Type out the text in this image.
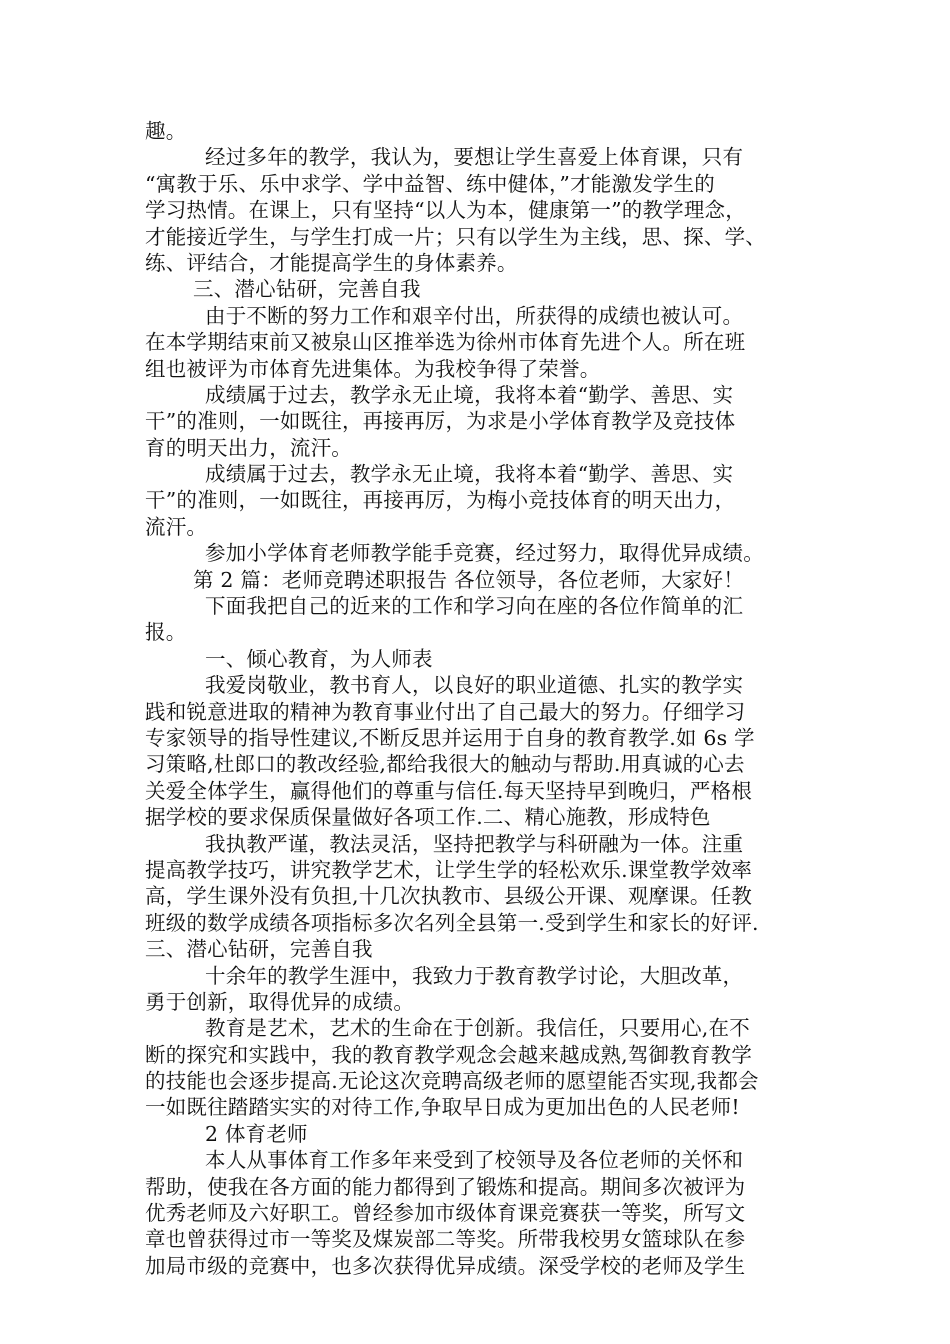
趣。
经过多年的教学，我认为，要想让学生喜爱上体育课，只有
“寓教于乐、乐中求学、学中益智、练中健体，”才能激发学生的
学习热情。在课上，只有坚持“以人为本，健康第一”的教学理念，
才能接近学生，与学生打成一片；只有以学生为主线，思、探、学、
练、评结合，才能提高学生的身体素养。
三、潜心钻研，完善自我
由于不断的努力工作和艰辛付出，所获得的成绩也被认可。
在本学期结束前又被泉山区推举选为徐州市体育先进个人。所在班
组也被评为市体育先进集体。为我校争得了荣誉。
成绩属于过去，教学永无止境，我将本着“勤学、善思、实
干”的准则，一如既往，再接再厉，为求是小学体育教学及竞技体
育的明天出力，流汗。
成绩属于过去，教学永无止境，我将本着“勤学、善思、实
干”的准则，一如既往，再接再厉，为梅小竞技体育的明天出力，
流汗。
参加小学体育老师教学能手竞赛，经过努力，取得优异成绩。
第 2 篇：老师竞聘述职报告 各位领导，各位老师，大家好！
下面我把自己的近来的工作和学习向在座的各位作简单的汇
报。
一、倾心教育，为人师表
我爱岗敬业，教书育人，以良好的职业道德、扎实的教学实
践和锐意进取的精神为教育事业付出了自己最大的努力。仔细学习
专家领导的指导性建议,不断反思并运用于自身的教育教学.如 6s 学
习策略,杜郎口的教改经验,都给我很大的触动与帮助.用真诚的心去
关爱全体学生，赢得他们的尊重与信任.每天坚持早到晚归，严格根
据学校的要求保质保量做好各项工作.二、精心施教，形成特色
我执教严谨，教法灵活，坚持把教学与科研融为一体。注重
提高教学技巧，讲究教学艺术，让学生学的轻松欢乐.课堂教学效率
高，学生课外没有负担,十几次执教市、县级公开课、观摩课。任教
班级的数学成绩各项指标多次名列全县第一.受到学生和家长的好评.
三、潜心钻研，完善自我
十余年的教学生涯中，我致力于教育教学讨论，大胆改革，
勇于创新，取得优异的成绩。
教育是艺术，艺术的生命在于创新。我信任，只要用心,在不
断的探究和实践中，我的教育教学观念会越来越成熟,驾御教育教学
的技能也会逐步提高.无论这次竞聘高级老师的愿望能否实现,我都会
一如既往踏踏实实的对待工作,争取早日成为更加出色的人民老师!
2 体育老师
本人从事体育工作多年来受到了校领导及各位老师的关怀和
帮助，使我在各方面的能力都得到了锻炼和提高。期间多次被评为
优秀老师及六好职工。曾经参加市级体育课竞赛获一等奖，所写文
章也曾获得过市一等奖及煤炭部二等奖。所带我校男女篮球队在参
加局市级的竞赛中，也多次获得优异成绩。深受学校的老师及学生
